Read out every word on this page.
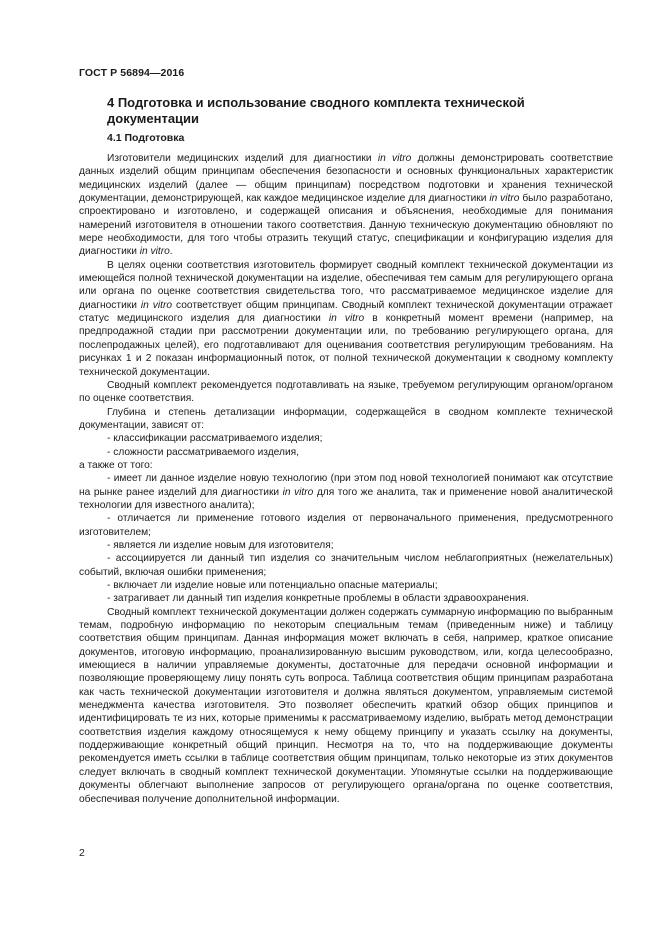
ГОСТ Р 56894—2016
4 Подготовка и использование сводного комплекта технической документации
4.1 Подготовка

Изготовители медицинских изделий для диагностики in vitro должны демонстрировать соответствие данных изделий общим принципам обеспечения безопасности и основных функциональных характеристик медицинских изделий (далее — общим принципам) посредством подготовки и хранения технической документации, демонстрирующей, как каждое медицинское изделие для диагностики in vitro было разработано, спроектировано и изготовлено, и содержащей описания и объяснения, необходимые для понимания намерений изготовителя в отношении такого соответствия. Данную техническую документацию обновляют по мере необходимости, для того чтобы отразить текущий статус, спецификации и конфигурацию изделия для диагностики in vitro.

В целях оценки соответствия изготовитель формирует сводный комплект технической документации из имеющейся полной технической документации на изделие, обеспечивая тем самым для регулирующего органа или органа по оценке соответствия свидетельства того, что рассматриваемое медицинское изделие для диагностики in vitro соответствует общим принципам. Сводный комплект технической документации отражает статус медицинского изделия для диагностики in vitro в конкретный момент времени (например, на предпродажной стадии при рассмотрении документации или, по требованию регулирующего органа, для послепродажных целей), его подготавливают для оценивания соответствия регулирующим требованиям. На рисунках 1 и 2 показан информационный поток, от полной технической документации к сводному комплекту технической документации.

Сводный комплект рекомендуется подготавливать на языке, требуемом регулирующим органом/органом по оценке соответствия.

Глубина и степень детализации информации, содержащейся в сводном комплекте технической документации, зависят от:

- классификации рассматриваемого изделия;

- сложности рассматриваемого изделия,

а также от того:

- имеет ли данное изделие новую технологию (при этом под новой технологией понимают как отсутствие на рынке ранее изделий для диагностики in vitro для того же аналита, так и применение новой аналитической технологии для известного аналита);

- отличается ли применение готового изделия от первоначального применения, предусмотренного изготовителем;

- является ли изделие новым для изготовителя;

- ассоциируется ли данный тип изделия со значительным числом неблагоприятных (нежелательных) событий, включая ошибки применения;

- включает ли изделие новые или потенциально опасные материалы;

- затрагивает ли данный тип изделия конкретные проблемы в области здравоохранения.

Сводный комплект технической документации должен содержать суммарную информацию по выбранным темам, подробную информацию по некоторым специальным темам (приведенным ниже) и таблицу соответствия общим принципам. Данная информация может включать в себя, например, краткое описание документов, итоговую информацию, проанализированную высшим руководством, или, когда целесообразно, имеющиеся в наличии управляемые документы, достаточные для передачи основной информации и позволяющие проверяющему лицу понять суть вопроса. Таблица соответствия общим принципам разработана как часть технической документации изготовителя и должна являться документом, управляемым системой менеджмента качества изготовителя. Это позволяет обеспечить краткий обзор общих принципов и идентифицировать те из них, которые применимы к рассматриваемому изделию, выбрать метод демонстрации соответствия изделия каждому относящемуся к нему общему принципу и указать ссылку на документы, поддерживающие конкретный общий принцип. Несмотря на то, что на поддерживающие документы рекомендуется иметь ссылки в таблице соответствия общим принципам, только некоторые из этих документов следует включать в сводный комплект технической документации. Упомянутые ссылки на поддерживающие документы облегчают выполнение запросов от регулирующего органа/органа по оценке соответствия, обеспечивая получение дополнительной информации.

2
